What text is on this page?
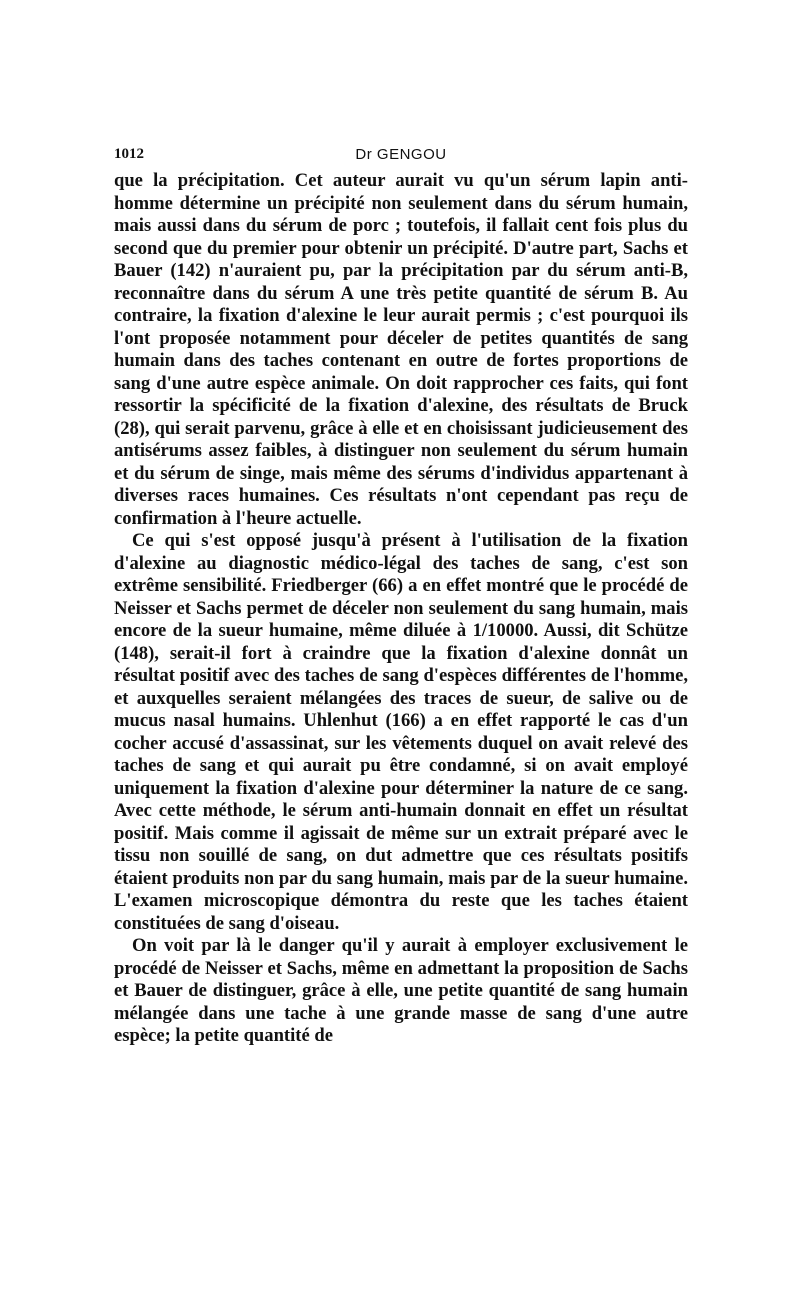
1012	Dr GENGOU

que la précipitation. Cet auteur aurait vu qu'un sérum lapin anti-homme détermine un précipité non seulement dans du sérum humain, mais aussi dans du sérum de porc ; toutefois, il fallait cent fois plus du second que du premier pour obtenir un précipité. D'autre part, Sachs et Bauer (142) n'auraient pu, par la précipitation par du sérum anti-B, reconnaître dans du sérum A une très petite quantité de sérum B. Au contraire, la fixation d'alexine le leur aurait permis ; c'est pourquoi ils l'ont proposée notamment pour déceler de petites quantités de sang humain dans des taches contenant en outre de fortes proportions de sang d'une autre espèce animale. On doit rapprocher ces faits, qui font ressortir la spécificité de la fixation d'alexine, des résultats de Bruck (28), qui serait parvenu, grâce à elle et en choisissant judicieusement des antisérums assez faibles, à distinguer non seulement du sérum humain et du sérum de singe, mais même des sérums d'individus appartenant à diverses races humaines. Ces résultats n'ont cependant pas reçu de confirmation à l'heure actuelle.

Ce qui s'est opposé jusqu'à présent à l'utilisation de la fixation d'alexine au diagnostic médico-légal des taches de sang, c'est son extrême sensibilité. Friedberger (66) a en effet montré que le procédé de Neisser et Sachs permet de déceler non seulement du sang humain, mais encore de la sueur humaine, même diluée à 1/10000. Aussi, dit Schütze (148), serait-il fort à craindre que la fixation d'alexine donnât un résultat positif avec des taches de sang d'espèces différentes de l'homme, et auxquelles seraient mélangées des traces de sueur, de salive ou de mucus nasal humains. Uhlenhut (166) a en effet rapporté le cas d'un cocher accusé d'assassinat, sur les vêtements duquel on avait relevé des taches de sang et qui aurait pu être condamné, si on avait employé uniquement la fixation d'alexine pour déterminer la nature de ce sang. Avec cette méthode, le sérum anti-humain donnait en effet un résultat positif. Mais comme il agissait de même sur un extrait préparé avec le tissu non souillé de sang, on dut admettre que ces résultats positifs étaient produits non par du sang humain, mais par de la sueur humaine. L'examen microscopique démontra du reste que les taches étaient constituées de sang d'oiseau.

On voit par là le danger qu'il y aurait à employer exclusivement le procédé de Neisser et Sachs, même en admettant la proposition de Sachs et Bauer de distinguer, grâce à elle, une petite quantité de sang humain mélangée dans une tache à une grande masse de sang d'une autre espèce; la petite quantité de
